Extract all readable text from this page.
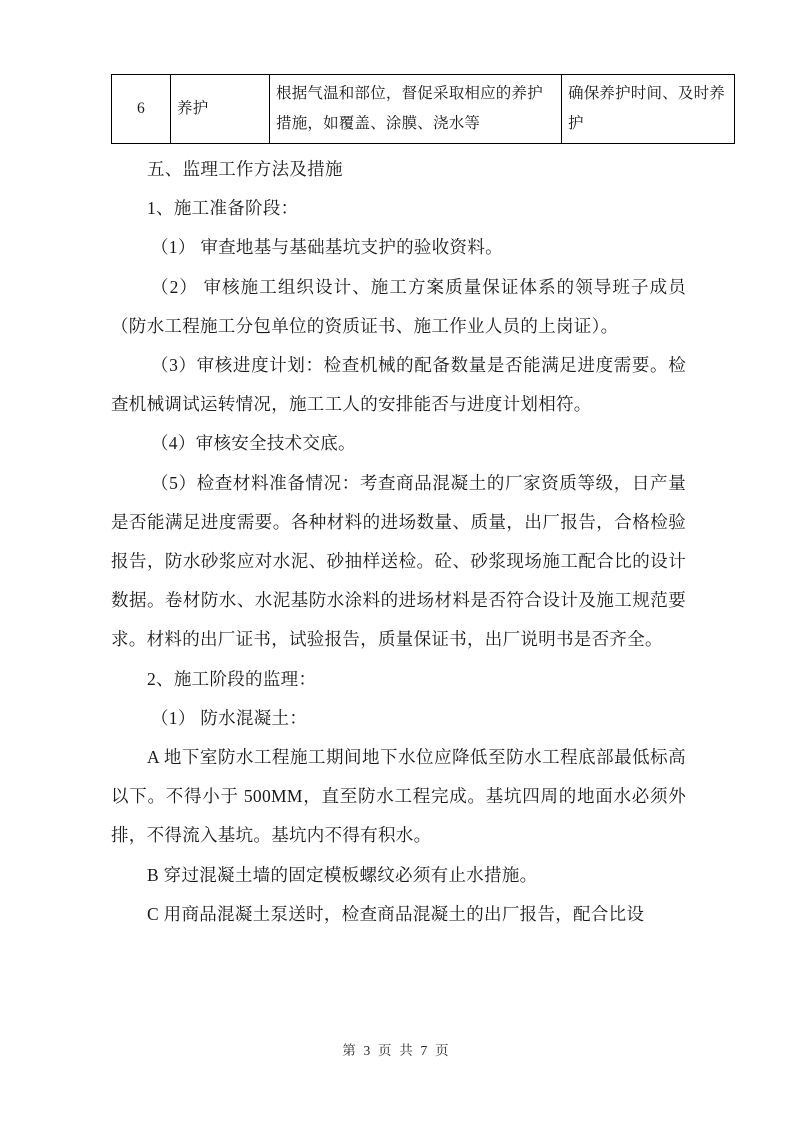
6	养护	根据气温和部位，督促采取相应的养护措施，如覆盖、涂膜、浇水等	确保养护时间、及时养护

五、监理工作方法及措施

1、施工准备阶段：

（1） 审查地基与基础基坑支护的验收资料。

（2） 审核施工组织设计、施工方案质量保证体系的领导班子成员（防水工程施工分包单位的资质证书、施工作业人员的上岗证）。

（3）审核进度计划：检查机械的配备数量是否能满足进度需要。检查机械调试运转情况，施工工人的安排能否与进度计划相符。

（4）审核安全技术交底。

（5）检查材料准备情况：考查商品混凝土的厂家资质等级，日产量是否能满足进度需要。各种材料的进场数量、质量，出厂报告，合格检验报告，防水砂浆应对水泥、砂抽样送检。砼、砂浆现场施工配合比的设计数据。卷材防水、水泥基防水涂料的进场材料是否符合设计及施工规范要求。材料的出厂证书，试验报告，质量保证书，出厂说明书是否齐全。

2、施工阶段的监理：

（1） 防水混凝土：

A 地下室防水工程施工期间地下水位应降低至防水工程底部最低标高以下。不得小于 500MM，直至防水工程完成。基坑四周的地面水必须外排，不得流入基坑。基坑内不得有积水。

B 穿过混凝土墙的固定模板螺纹必须有止水措施。

C 用商品混凝土泵送时，检查商品混凝土的出厂报告，配合比设

第 3 页 共 7 页
